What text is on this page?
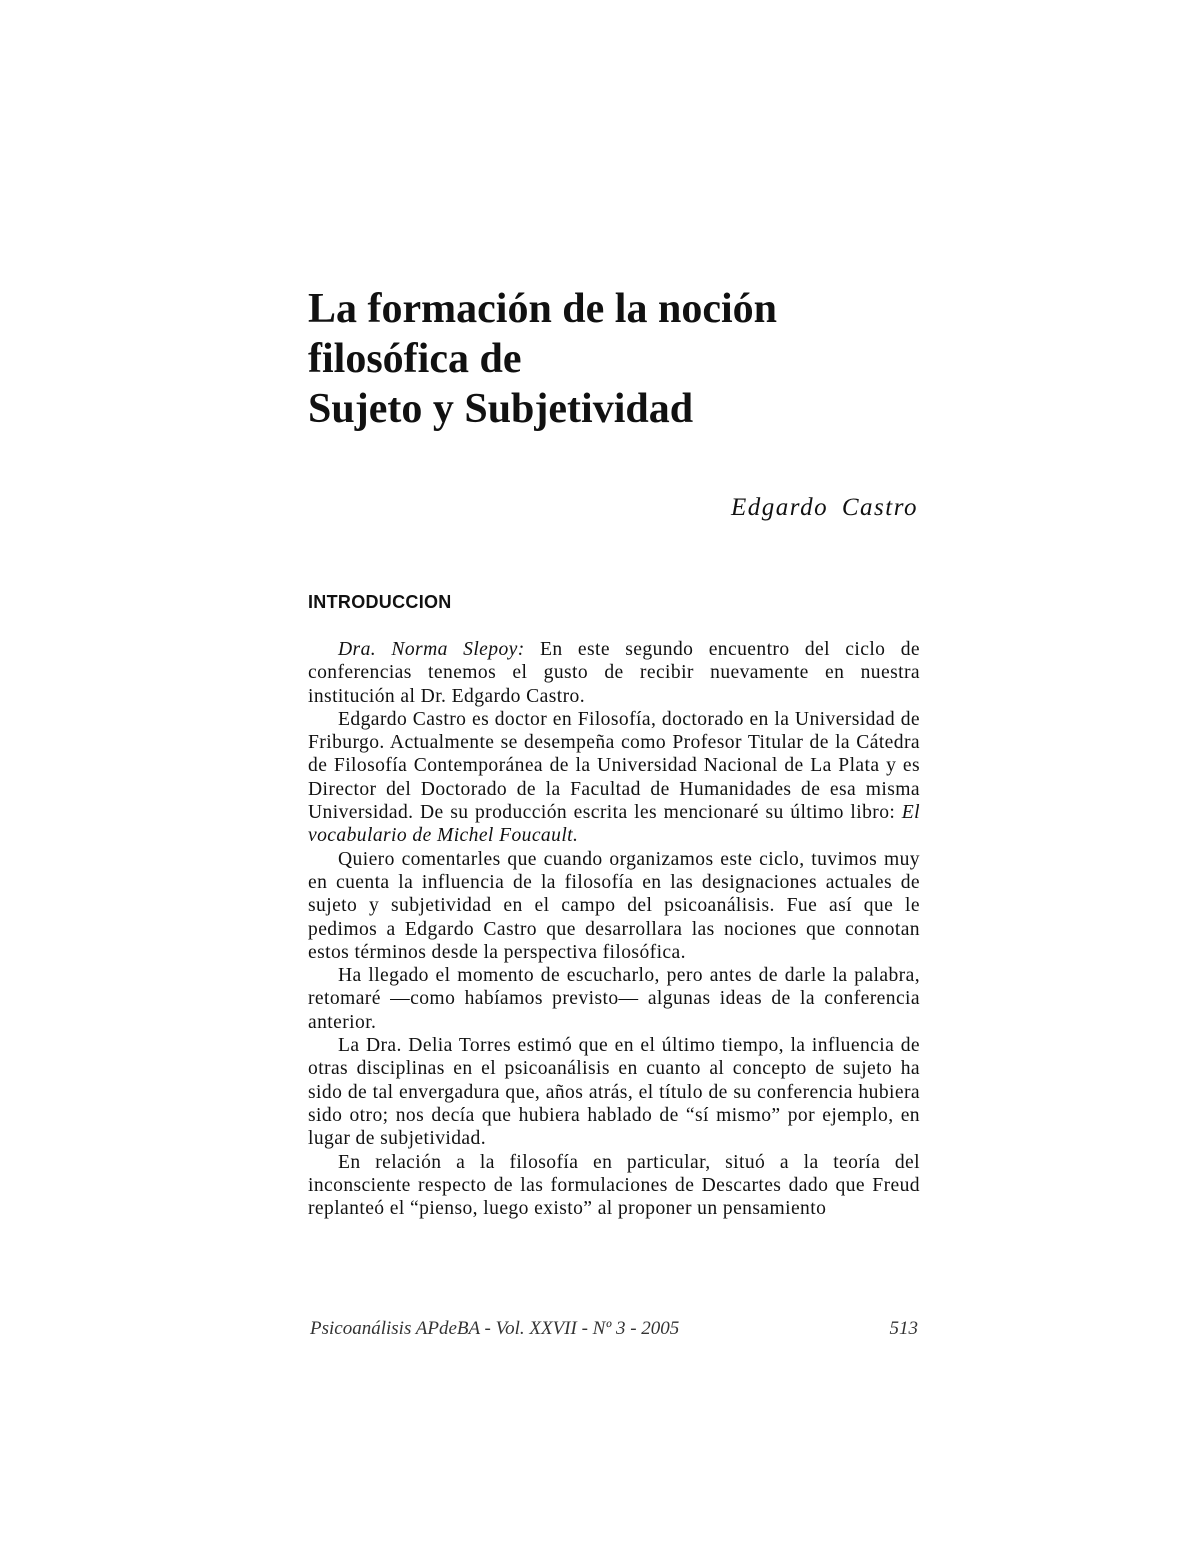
La formación de la noción
filosófica de
Sujeto y Subjetividad
Edgardo Castro
INTRODUCCION

Dra. Norma Slepoy: En este segundo encuentro del ciclo de conferencias tenemos el gusto de recibir nuevamente en nuestra institución al Dr. Edgardo Castro.

Edgardo Castro es doctor en Filosofía, doctorado en la Universidad de Friburgo. Actualmente se desempeña como Profesor Titular de la Cátedra de Filosofía Contemporánea de la Universidad Nacional de La Plata y es Director del Doctorado de la Facultad de Humanidades de esa misma Universidad. De su producción escrita les mencionaré su último libro: El vocabulario de Michel Foucault.

Quiero comentarles que cuando organizamos este ciclo, tuvimos muy en cuenta la influencia de la filosofía en las designaciones actuales de sujeto y subjetividad en el campo del psicoanálisis. Fue así que le pedimos a Edgardo Castro que desarrollara las nociones que connotan estos términos desde la perspectiva filosófica.

Ha llegado el momento de escucharlo, pero antes de darle la palabra, retomaré —como habíamos previsto— algunas ideas de la conferencia anterior.

La Dra. Delia Torres estimó que en el último tiempo, la influencia de otras disciplinas en el psicoanálisis en cuanto al concepto de sujeto ha sido de tal envergadura que, años atrás, el título de su conferencia hubiera sido otro; nos decía que hubiera hablado de “sí mismo” por ejemplo, en lugar de subjetividad.

En relación a la filosofía en particular, situó a la teoría del inconsciente respecto de las formulaciones de Descartes dado que Freud replanteó el “pienso, luego existo” al proponer un pensamiento

Psicoanálisis APdeBA - Vol. XXVII - Nº 3 - 2005	513
